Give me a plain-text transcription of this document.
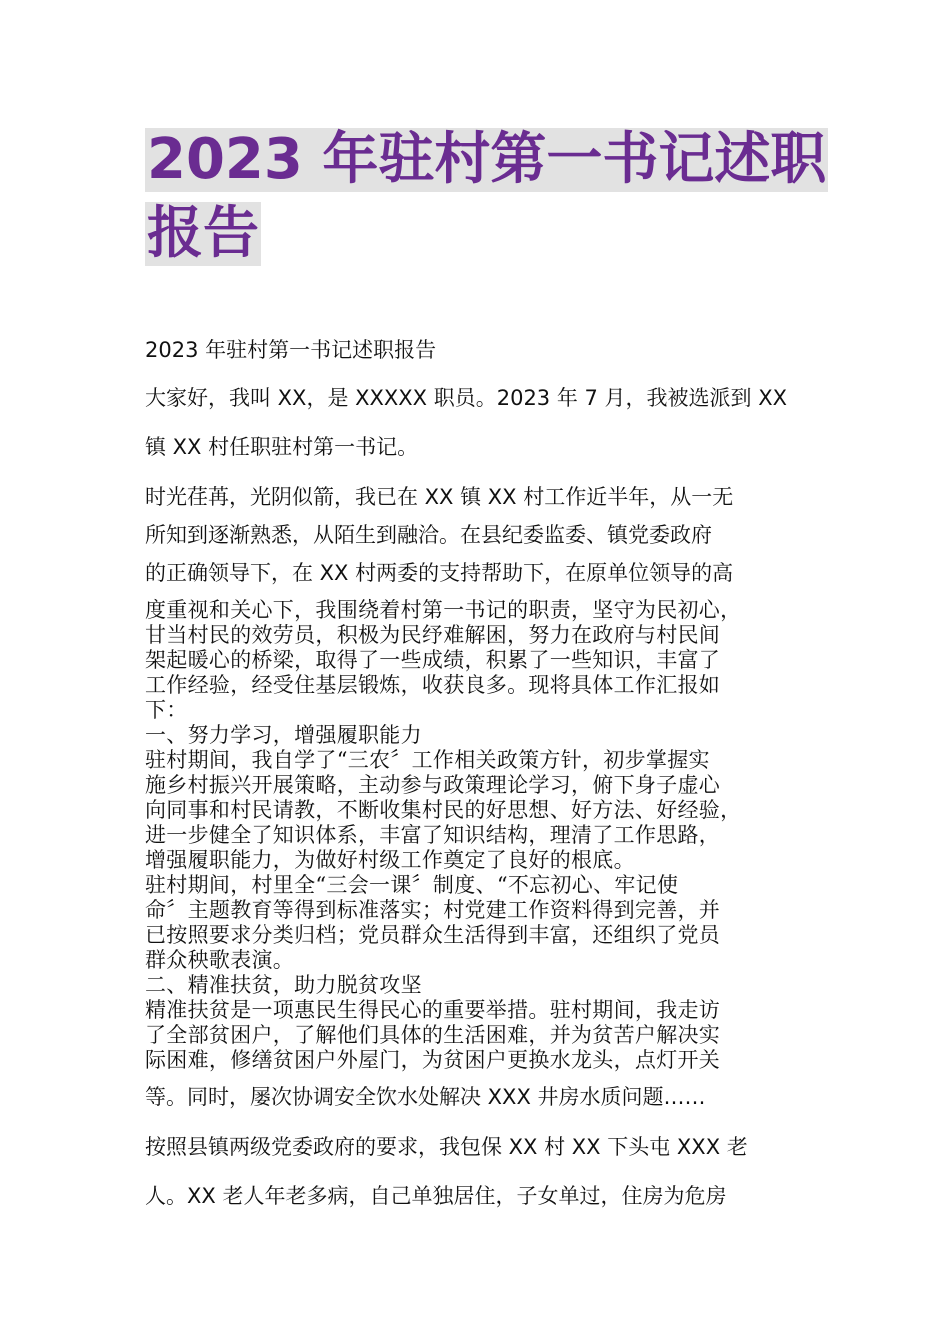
2023 年驻村第一书记述职
报告
2023 年驻村第一书记述职报告
大家好，我叫 XX，是 XXXXX 职员。2023 年 7 月，我被选派到 XX
镇 XX 村任职驻村第一书记。
时光荏苒，光阴似箭，我已在 XX 镇 XX 村工作近半年，从一无
所知到逐渐熟悉，从陌生到融洽。在县纪委监委、镇党委政府
的正确领导下，在 XX 村两委的支持帮助下，在原单位领导的高
度重视和关心下，我围绕着村第一书记的职责，坚守为民初心，
甘当村民的效劳员，积极为民纾难解困，努力在政府与村民间
架起暖心的桥梁，取得了一些成绩，积累了一些知识，丰富了
工作经验，经受住基层锻炼，收获良多。现将具体工作汇报如
下：
一、努力学习，增强履职能力
驻村期间，我自学了“三农〞工作相关政策方针，初步掌握实
施乡村振兴开展策略，主动参与政策理论学习，俯下身子虚心
向同事和村民请教，不断收集村民的好思想、好方法、好经验，
进一步健全了知识体系，丰富了知识结构，理清了工作思路，
增强履职能力，为做好村级工作奠定了良好的根底。
驻村期间，村里全“三会一课〞制度、“不忘初心、牢记使
命〞主题教育等得到标准落实；村党建工作资料得到完善，并
已按照要求分类归档；党员群众生活得到丰富，还组织了党员
群众秧歌表演。
二、精准扶贫，助力脱贫攻坚
精准扶贫是一项惠民生得民心的重要举措。驻村期间，我走访
了全部贫困户，了解他们具体的生活困难，并为贫苦户解决实
际困难，修缮贫困户外屋门，为贫困户更换水龙头，点灯开关
等。同时，屡次协调安全饮水处解决 XXX 井房水质问题……
按照县镇两级党委政府的要求，我包保 XX 村 XX 下头屯 XXX 老
人。XX 老人年老多病，自己单独居住，子女单过，住房为危房
